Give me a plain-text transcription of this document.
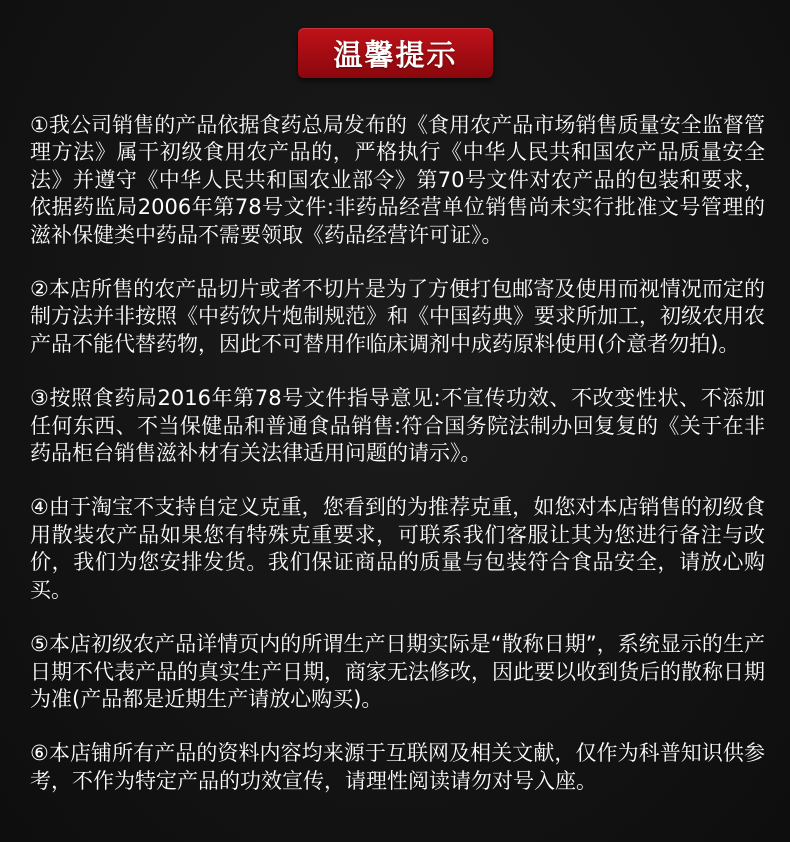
温馨提示

①我公司销售的产品依据食药总局发布的《食用农产品市场销售质量安全监督管理方法》属干初级食用农产品的，严格执行《中华人民共和国农产品质量安全法》并遵守《中华人民共和国农业部令》第70号文件对农产品的包装和要求，依据药监局2006年第78号文件:非药品经营单位销售尚未实行批准文号管理的滋补保健类中药品不需要领取《药品经营许可证》。

②本店所售的农产品切片或者不切片是为了方便打包邮寄及使用而视情况而定的制方法并非按照《中药饮片炮制规范》和《中国药典》要求所加工，初级农用农产品不能代替药物，因此不可替用作临床调剂中成药原料使用(介意者勿拍)。

③按照食药局2016年第78号文件指导意见:不宣传功效、不改变性状、不添加任何东西、不当保健品和普通食品销售:符合国务院法制办回复复的《关于在非药品柜台销售滋补材有关法律适用问题的请示》。

④由于淘宝不支持自定义克重，您看到的为推荐克重，如您对本店销售的初级食用散装农产品如果您有特殊克重要求，可联系我们客服让其为您进行备注与改价，我们为您安排发货。我们保证商品的质量与包装符合食品安全，请放心购买。

⑤本店初级农产品详情页内的所谓生产日期实际是“散称日期”，系统显示的生产日期不代表产品的真实生产日期，商家无法修改，因此要以收到货后的散称日期为准(产品都是近期生产请放心购买)。

⑥本店铺所有产品的资料内容均来源于互联网及相关文献，仅作为科普知识供参考，不作为特定产品的功效宣传，请理性阅读请勿对号入座。
